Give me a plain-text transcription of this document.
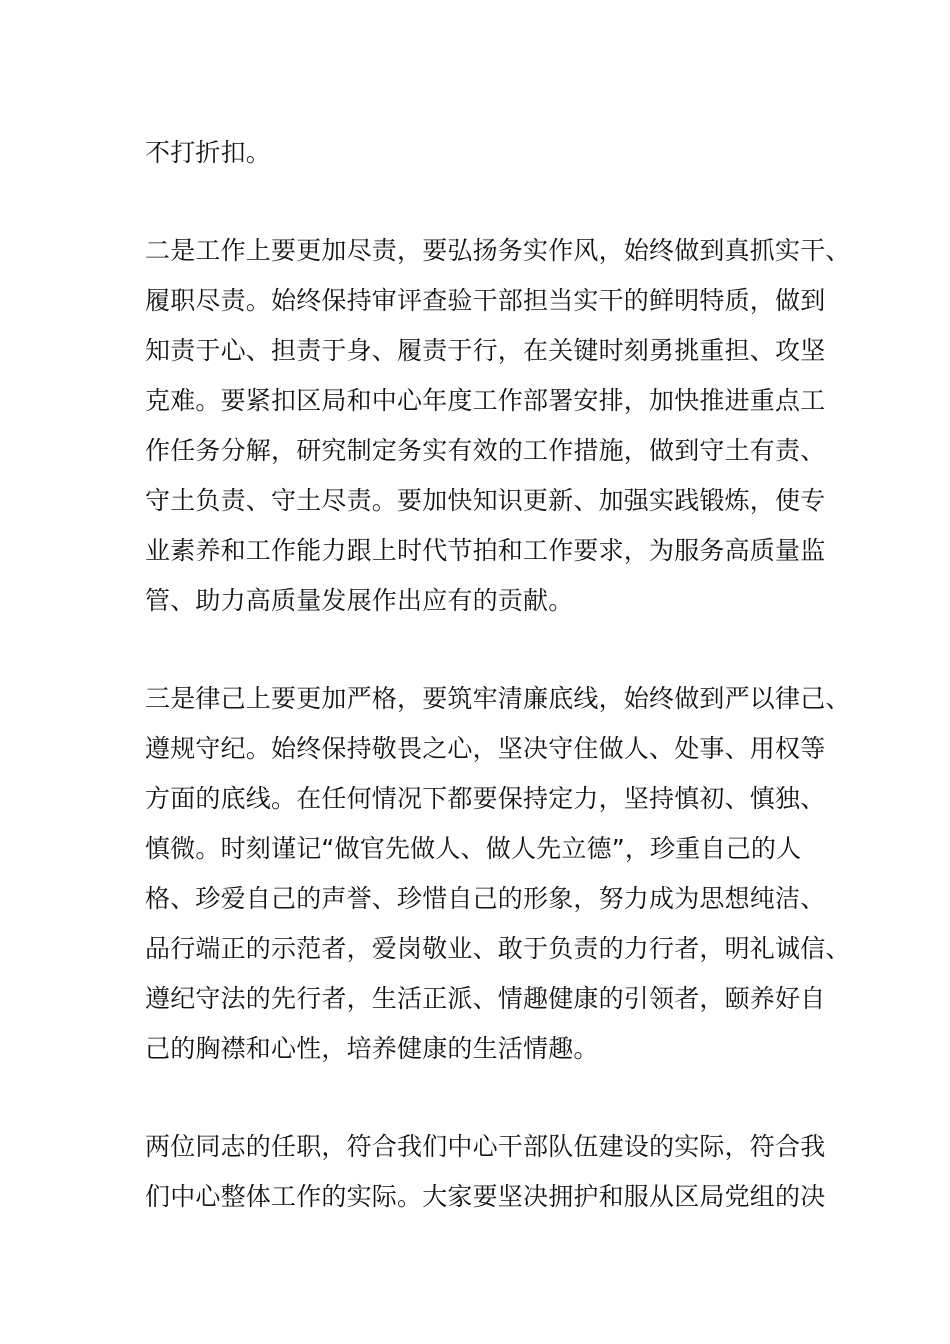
不打折扣。
二是工作上要更加尽责，要弘扬务实作风，始终做到真抓实干、
履职尽责。始终保持审评查验干部担当实干的鲜明特质，做到
知责于心、担责于身、履责于行，在关键时刻勇挑重担、攻坚
克难。要紧扣区局和中心年度工作部署安排，加快推进重点工
作任务分解，研究制定务实有效的工作措施，做到守土有责、
守土负责、守土尽责。要加快知识更新、加强实践锻炼，使专
业素养和工作能力跟上时代节拍和工作要求，为服务高质量监
管、助力高质量发展作出应有的贡献。
三是律己上要更加严格，要筑牢清廉底线，始终做到严以律己、
遵规守纪。始终保持敬畏之心，坚决守住做人、处事、用权等
方面的底线。在任何情况下都要保持定力，坚持慎初、慎独、
慎微。时刻谨记“做官先做人、做人先立德”，珍重自己的人
格、珍爱自己的声誉、珍惜自己的形象，努力成为思想纯洁、
品行端正的示范者，爱岗敬业、敢于负责的力行者，明礼诚信、
遵纪守法的先行者，生活正派、情趣健康的引领者，颐养好自
己的胸襟和心性，培养健康的生活情趣。
两位同志的任职，符合我们中心干部队伍建设的实际，符合我
们中心整体工作的实际。大家要坚决拥护和服从区局党组的决
